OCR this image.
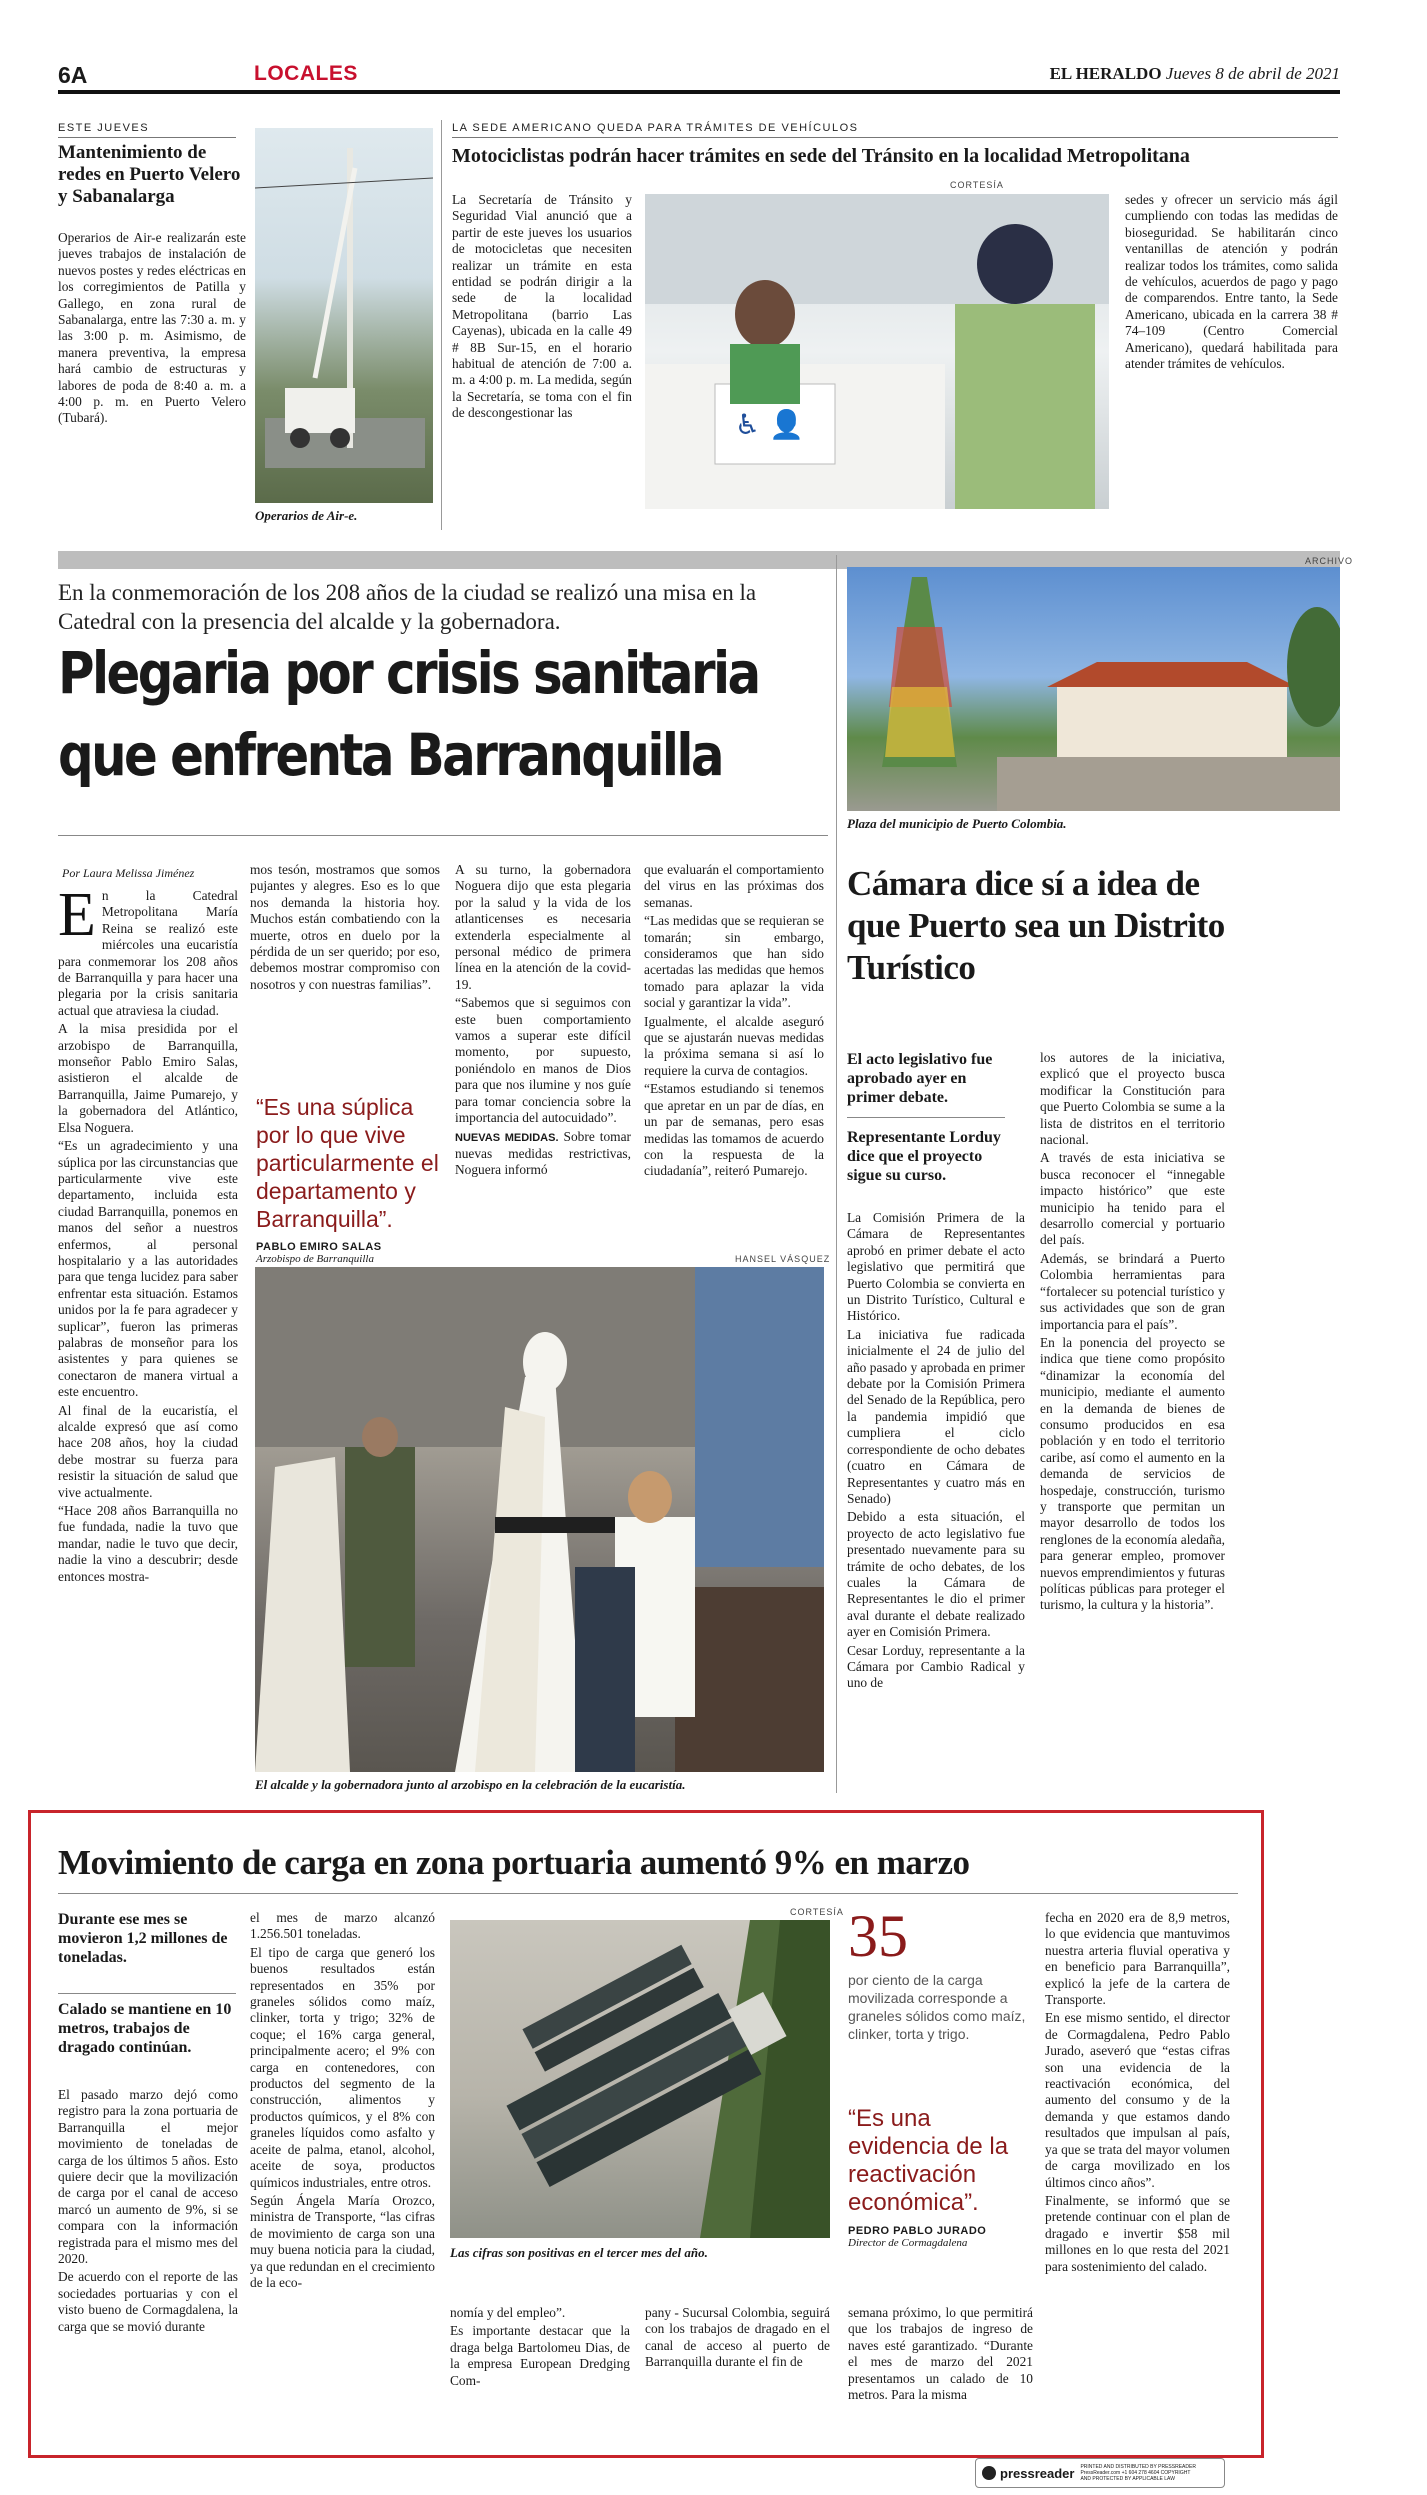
6A	LOCALES	EL HERALDO Jueves 8 de abril de 2021
ESTE JUEVES
Mantenimiento de redes en Puerto Velero y Sabanalarga

Operarios de Air-e realizarán este jueves trabajos de instalación de nuevos postes y redes eléctricas en los corregimientos de Patilla y Gallego, en zona rural de Sabanalarga, entre las 7:30 a. m. y las 3:00 p. m. Asimismo, de manera preventiva, la empresa hará cambio de estructuras y labores de poda de 8:40 a. m. a 4:00 p. m. en Puerto Velero (Tubará).

Operarios de Air-e.
LA SEDE AMERICANO QUEDA PARA TRÁMITES DE VEHÍCULOS
Motociclistas podrán hacer trámites en sede del Tránsito en la localidad Metropolitana
CORTESÍA

La Secretaría de Tránsito y Seguridad Vial anunció que a partir de este jueves los usuarios de motocicletas que necesiten realizar un trámite en esta entidad se podrán dirigir a la sede de la localidad Metropolitana (barrio Las Cayenas), ubicada en la calle 49 # 8B Sur-15, en el horario habitual de atención de 7:00 a. m. a 4:00 p. m. La medida, según la Secretaría, se toma con el fin de descongestionar las	♿ 👤

sedes y ofrecer un servicio más ágil cumpliendo con todas las medidas de bioseguridad. Se habilitarán cinco ventanillas de atención y podrán realizar todos los trámites, como salida de vehículos, acuerdos de pago y pago de comparendos. Entre tanto, la Sede Americano, ubicada en la carrera 38 # 74–109 (Centro Comercial Americano), quedará habilitada para atender trámites de vehículos.

En la conmemoración de los 208 años de la ciudad se realizó una misa en la Catedral con la presencia del alcalde y la gobernadora.
Plegaria por crisis sanitaria
que enfrenta Barranquilla
Por Laura Melissa Jiménez
E n la Catedral Metropolitana María Reina se realizó este miércoles una eucaristía para conmemorar los 208 años de Barranquilla y para hacer una plegaria por la crisis sanitaria actual que atraviesa la ciudad.

A la misa presidida por el arzobispo de Barranquilla, monseñor Pablo Emiro Salas, asistieron el alcalde de Barranquilla, Jaime Pumarejo, y la gobernadora del Atlántico, Elsa Noguera.

“Es un agradecimiento y una súplica por las circunstancias que particularmente vive este departamento, incluida esta ciudad Barranquilla, ponemos en manos del señor a nuestros enfermos, al personal hospitalario y a las autoridades para que tenga lucidez para saber enfrentar esta situación. Estamos unidos por la fe para agradecer y suplicar”, fueron las primeras palabras de monseñor para los asistentes y para quienes se conectaron de manera virtual a este encuentro.

Al final de la eucaristía, el alcalde expresó que así como hace 208 años, hoy la ciudad debe mostrar su fuerza para resistir la situación de salud que vive actualmente.

“Hace 208 años Barranquilla no fue fundada, nadie la tuvo que mandar, nadie le tuvo que decir, nadie la vino a descubrir; desde entonces mostra-

mos tesón, mostramos que somos pujantes y alegres. Eso es lo que nos demanda la historia hoy. Muchos están combatiendo con la muerte, otros en duelo por la pérdida de un ser querido; por eso, debemos mostrar compromiso con nosotros y con nuestras familias”.

“Es una súplica por lo que vive particularmente el departamento y Barranquilla”.
PABLO EMIRO SALAS
Arzobispo de Barranquilla

A su turno, la gobernadora Noguera dijo que esta plegaria por la salud y la vida de los atlanticenses es necesaria extenderla especialmente al personal médico de primera línea en la atención de la covid-19.

“Sabemos que si seguimos con este buen comportamiento vamos a superar este difícil momento, por supuesto, poniéndolo en manos de Dios para que nos ilumine y nos guíe para tomar conciencia sobre la importancia del autocuidado”.

NUEVAS MEDIDAS. Sobre tomar nuevas medidas restrictivas, Noguera informó

que evaluarán el comportamiento del virus en las próximas dos semanas.

“Las medidas que se requieran se tomarán; sin embargo, consideramos que han sido acertadas las medidas que hemos tomado para aplazar la vida social y garantizar la vida”.

Igualmente, el alcalde aseguró que se ajustarán nuevas medidas la próxima semana si así lo requiere la curva de contagios.

“Estamos estudiando si tenemos que apretar en un par de días, en un par de semanas, pero esas medidas las tomamos de acuerdo con la respuesta de la ciudadanía”, reiteró Pumarejo.

HANSEL VÁSQUEZ
El alcalde y la gobernadora junto al arzobispo en la celebración de la eucaristía.
ARCHIVO
Plaza del municipio de Puerto Colombia.
Cámara dice sí a idea de que Puerto sea un Distrito Turístico
El acto legislativo fue aprobado ayer en primer debate.
Representante Lorduy dice que el proyecto sigue su curso.

La Comisión Primera de la Cámara de Representantes aprobó en primer debate el acto legislativo que permitirá que Puerto Colombia se convierta en un Distrito Turístico, Cultural e Histórico.

La iniciativa fue radicada inicialmente el 24 de julio del año pasado y aprobada en primer debate por la Comisión Primera del Senado de la República, pero la pandemia impidió que cumpliera el ciclo correspondiente de ocho debates (cuatro en Cámara de Representantes y cuatro más en Senado)

Debido a esta situación, el proyecto de acto legislativo fue presentado nuevamente para su trámite de ocho debates, de los cuales la Cámara de Representantes le dio el primer aval durante el debate realizado ayer en Comisión Primera.

Cesar Lorduy, representante a la Cámara por Cambio Radical y uno de

los autores de la iniciativa, explicó que el proyecto busca modificar la Constitución para que Puerto Colombia se sume a la lista de distritos en el territorio nacional.

A través de esta iniciativa se busca reconocer el “innegable impacto histórico” que este municipio ha tenido para el desarrollo comercial y portuario del país.

Además, se brindará a Puerto Colombia herramientas para “fortalecer su potencial turístico y sus actividades que son de gran importancia para el país”.

En la ponencia del proyecto se indica que tiene como propósito “dinamizar la economía del municipio, mediante el aumento en la demanda de bienes de consumo producidos en esa población y en todo el territorio caribe, así como el aumento en la demanda de servicios de hospedaje, construcción, turismo y transporte que permitan un mayor desarrollo de todos los renglones de la economía aledaña, para generar empleo, promover nuevos emprendimientos y futuras políticas públicas para proteger el turismo, la cultura y la historia”.

Movimiento de carga en zona portuaria aumentó 9% en marzo
Durante ese mes se movieron 1,2 millones de toneladas.
Calado se mantiene en 10 metros, trabajos de dragado continúan.

El pasado marzo dejó como registro para la zona portuaria de Barranquilla el mejor movimiento de toneladas de carga de los últimos 5 años. Esto quiere decir que la movilización de carga por el canal de acceso marcó un aumento de 9%, si se compara con la información registrada para el mismo mes del 2020.

De acuerdo con el reporte de las sociedades portuarias y con el visto bueno de Cormagdalena, la carga que se movió durante

el mes de marzo alcanzó 1.256.501 toneladas.

El tipo de carga que generó los buenos resultados están representados en 35% por graneles sólidos como maíz, clinker, torta y trigo; 32% de coque; el 16% carga general, principalmente acero; el 9% con carga en contenedores, con productos del segmento de la construcción, alimentos y productos químicos, y el 8% con graneles líquidos como asfalto y aceite de palma, etanol, alcohol, aceite de soya, productos químicos industriales, entre otros.

Según Ángela María Orozco, ministra de Transporte, “las cifras de movimiento de carga son una muy buena noticia para la ciudad, ya que redundan en el crecimiento de la eco-

CORTESÍA
Las cifras son positivas en el tercer mes del año.

nomía y del empleo”.

Es importante destacar que la draga belga Bartolomeu Dias, de la empresa European Dredging Com-

pany - Sucursal Colombia, seguirá con los trabajos de dragado en el canal de acceso al puerto de Barranquilla durante el fin de

35
por ciento de la carga movilizada corresponde a graneles sólidos como maíz, clinker, torta y trigo.
“Es una evidencia de la reactivación económica”.
PEDRO PABLO JURADO
Director de Cormagdalena

semana próximo, lo que permitirá que los trabajos de ingreso de naves esté garantizado. “Durante el mes de marzo del 2021 presentamos un calado de 10 metros. Para la misma

fecha en 2020 era de 8,9 metros, lo que evidencia que mantuvimos nuestra arteria fluvial operativa y en beneficio para Barranquilla”, explicó la jefe de la cartera de Transporte.

En ese mismo sentido, el director de Cormagdalena, Pedro Pablo Jurado, aseveró que “estas cifras son una evidencia de la reactivación económica, del aumento del consumo y de la demanda y que estamos dando resultados que impulsan al país, ya que se trata del mayor volumen de carga movilizado en los últimos cinco años”.

Finalmente, se informó que se pretende continuar con el plan de dragado e invertir $58 mil millones en lo que resta del 2021 para sostenimiento del calado.

pressreader PRINTED AND DISTRIBUTED BY PRESSREADER PressReader.com +1 604 278 4604 COPYRIGHT AND PROTECTED BY APPLICABLE LAW
